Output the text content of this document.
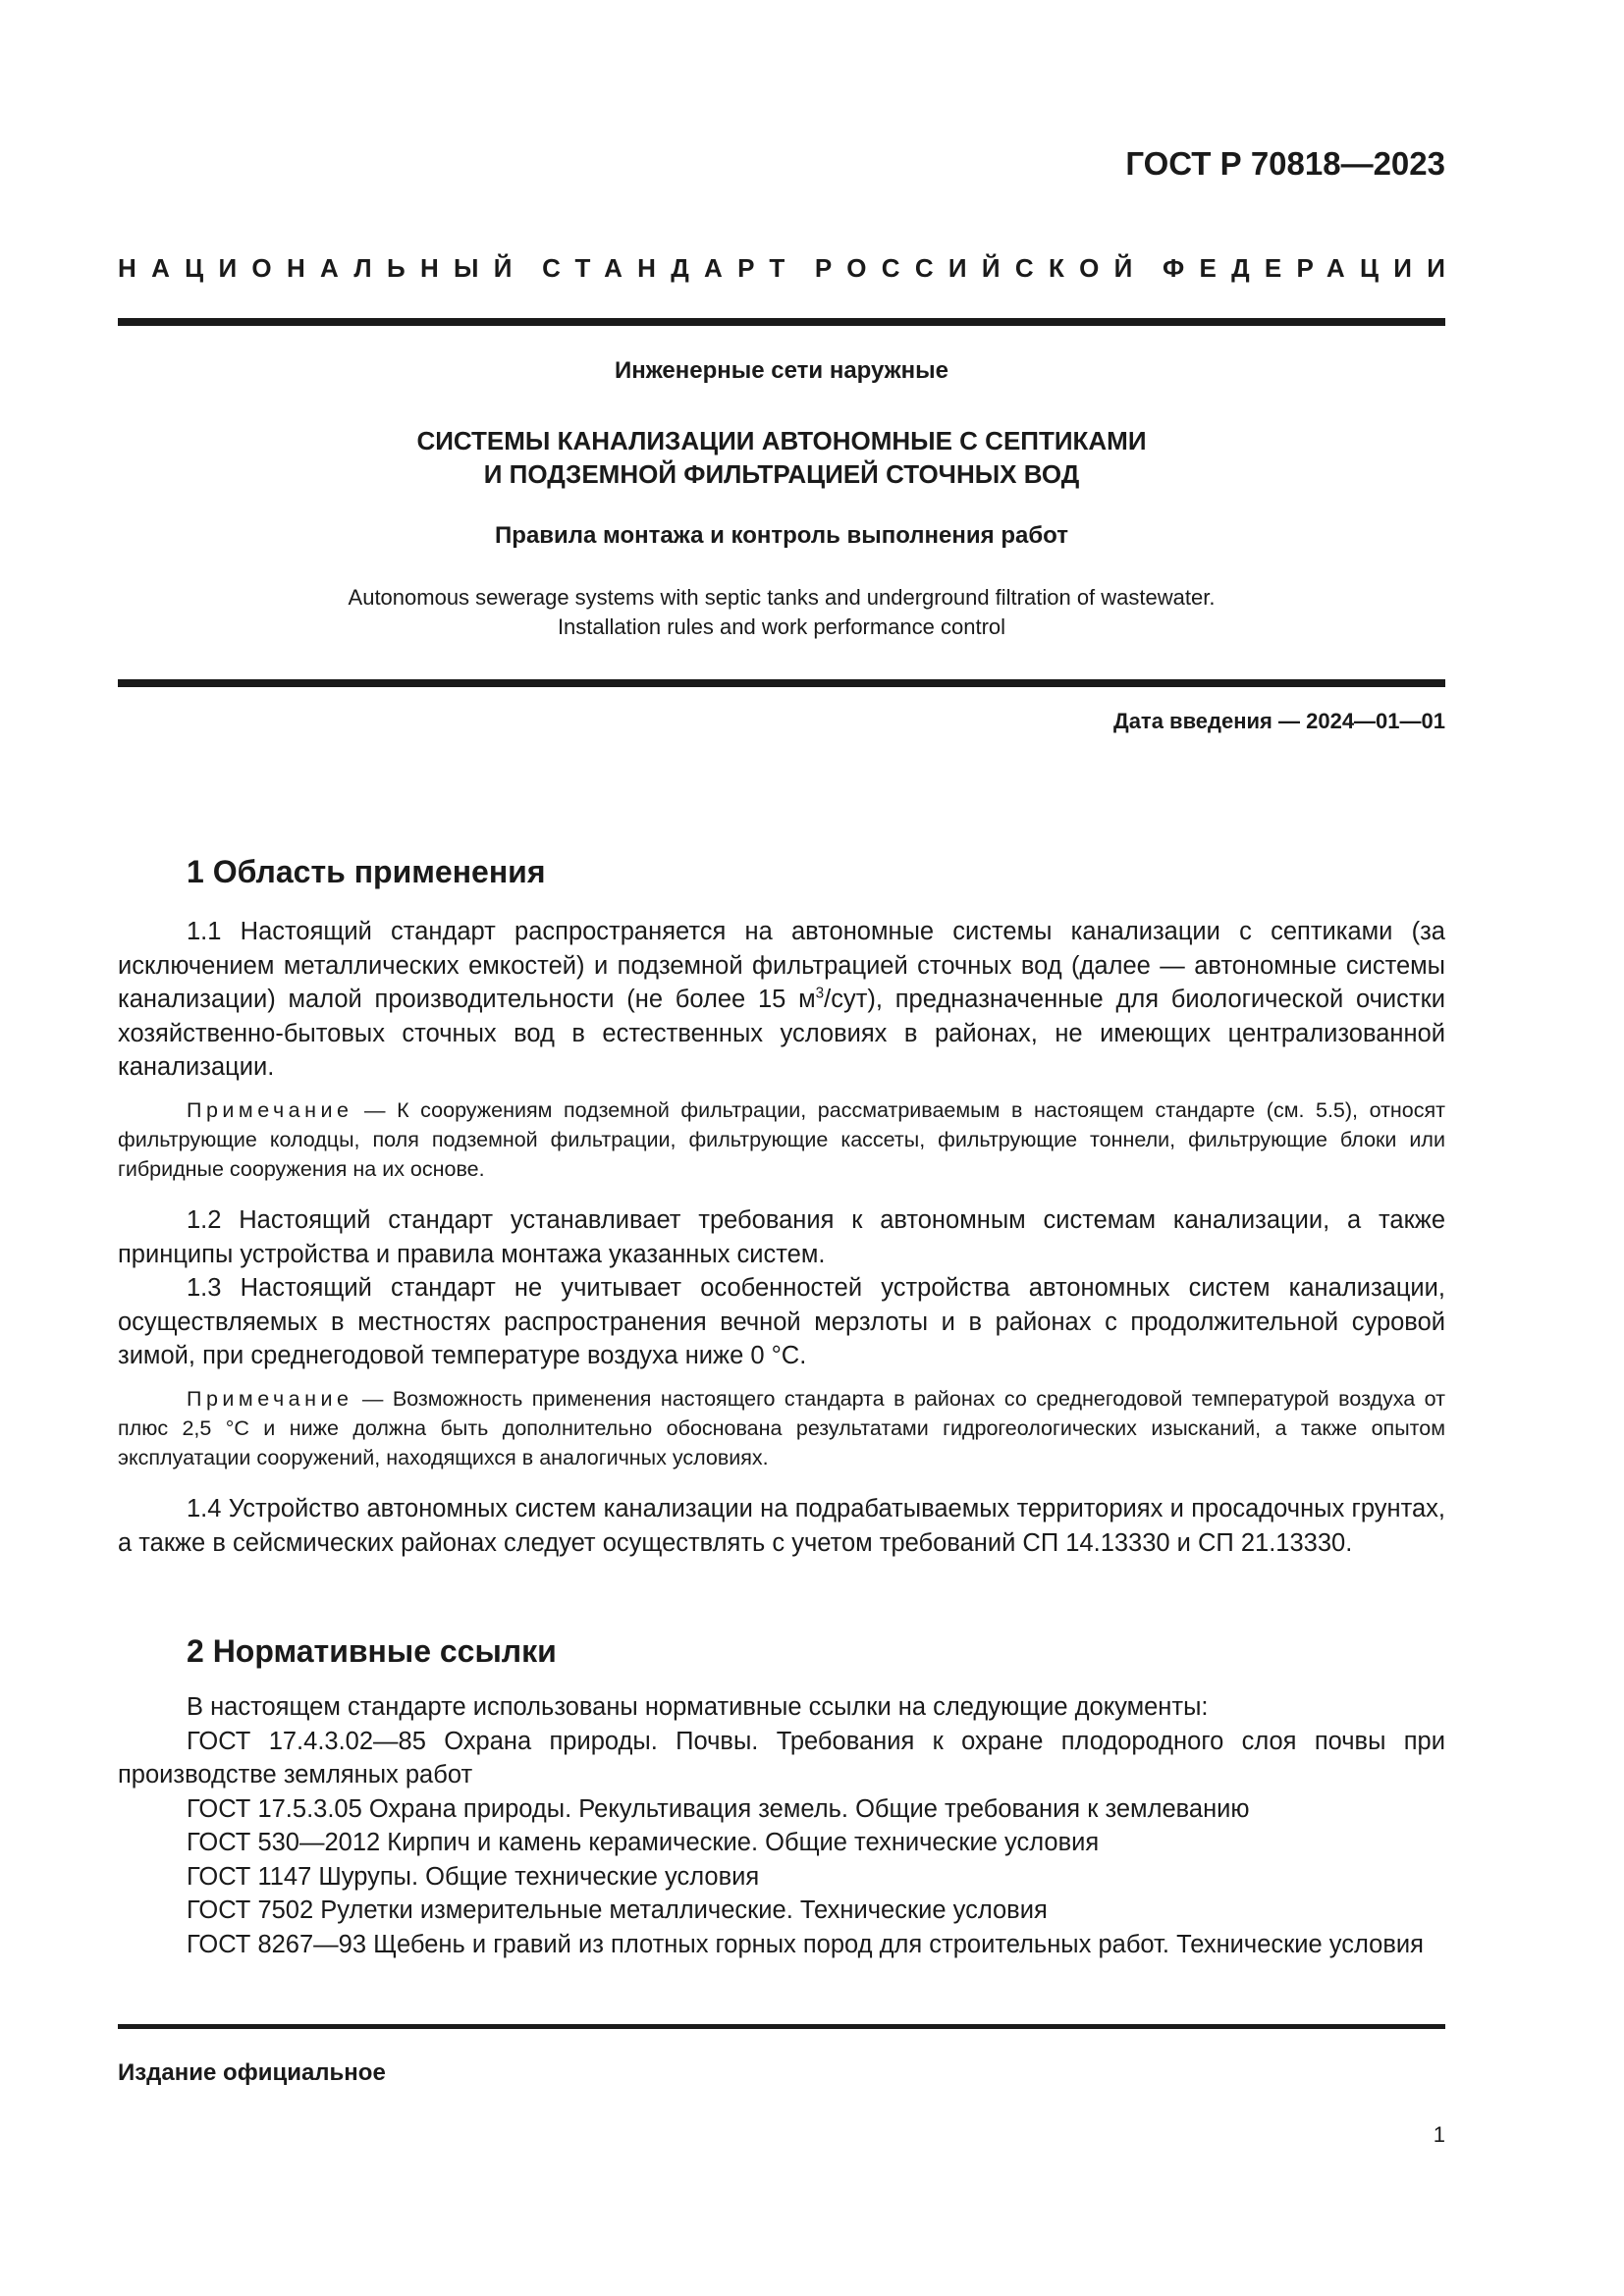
ГОСТ Р 70818—2023
НАЦИОНАЛЬНЫЙ СТАНДАРТ РОССИЙСКОЙ ФЕДЕРАЦИИ
Инженерные сети наружные
СИСТЕМЫ КАНАЛИЗАЦИИ АВТОНОМНЫЕ С СЕПТИКАМИ
И ПОДЗЕМНОЙ ФИЛЬТРАЦИЕЙ СТОЧНЫХ ВОД
Правила монтажа и контроль выполнения работ
Autonomous sewerage systems with septic tanks and underground filtration of wastewater.
Installation rules and work performance control
Дата введения — 2024—01—01
1 Область применения

1.1 Настоящий стандарт распространяется на автономные системы канализации с септиками (за исключением металлических емкостей) и подземной фильтрацией сточных вод (далее — автономные системы канализации) малой производительности (не более 15 $м^3/сут$), предназначенные для биологической очистки хозяйственно-бытовых сточных вод в естественных условиях в районах, не имеющих централизованной канализации.

Примечание — К сооружениям подземной фильтрации, рассматриваемым в настоящем стандарте (см. 5.5), относят фильтрующие колодцы, поля подземной фильтрации, фильтрующие кассеты, фильтрующие тоннели, фильтрующие блоки или гибридные сооружения на их основе.

1.2 Настоящий стандарт устанавливает требования к автономным системам канализации, а также принципы устройства и правила монтажа указанных систем.

1.3 Настоящий стандарт не учитывает особенностей устройства автономных систем канализации, осуществляемых в местностях распространения вечной мерзлоты и в районах с продолжительной суровой зимой, при среднегодовой температуре воздуха ниже 0 °С.

Примечание — Возможность применения настоящего стандарта в районах со среднегодовой температурой воздуха от плюс 2,5 °С и ниже должна быть дополнительно обоснована результатами гидрогеологических изысканий, а также опытом эксплуатации сооружений, находящихся в аналогичных условиях.

1.4 Устройство автономных систем канализации на подрабатываемых территориях и просадочных грунтах, а также в сейсмических районах следует осуществлять с учетом требований СП 14.13330 и СП 21.13330.

2 Нормативные ссылки

В настоящем стандарте использованы нормативные ссылки на следующие документы:

ГОСТ 17.4.3.02—85 Охрана природы. Почвы. Требования к охране плодородного слоя почвы при производстве земляных работ

ГОСТ 17.5.3.05 Охрана природы. Рекультивация земель. Общие требования к землеванию

ГОСТ 530—2012 Кирпич и камень керамические. Общие технические условия

ГОСТ 1147 Шурупы. Общие технические условия

ГОСТ 7502 Рулетки измерительные металлические. Технические условия

ГОСТ 8267—93 Щебень и гравий из плотных горных пород для строительных работ. Технические условия

Издание официальное
1
